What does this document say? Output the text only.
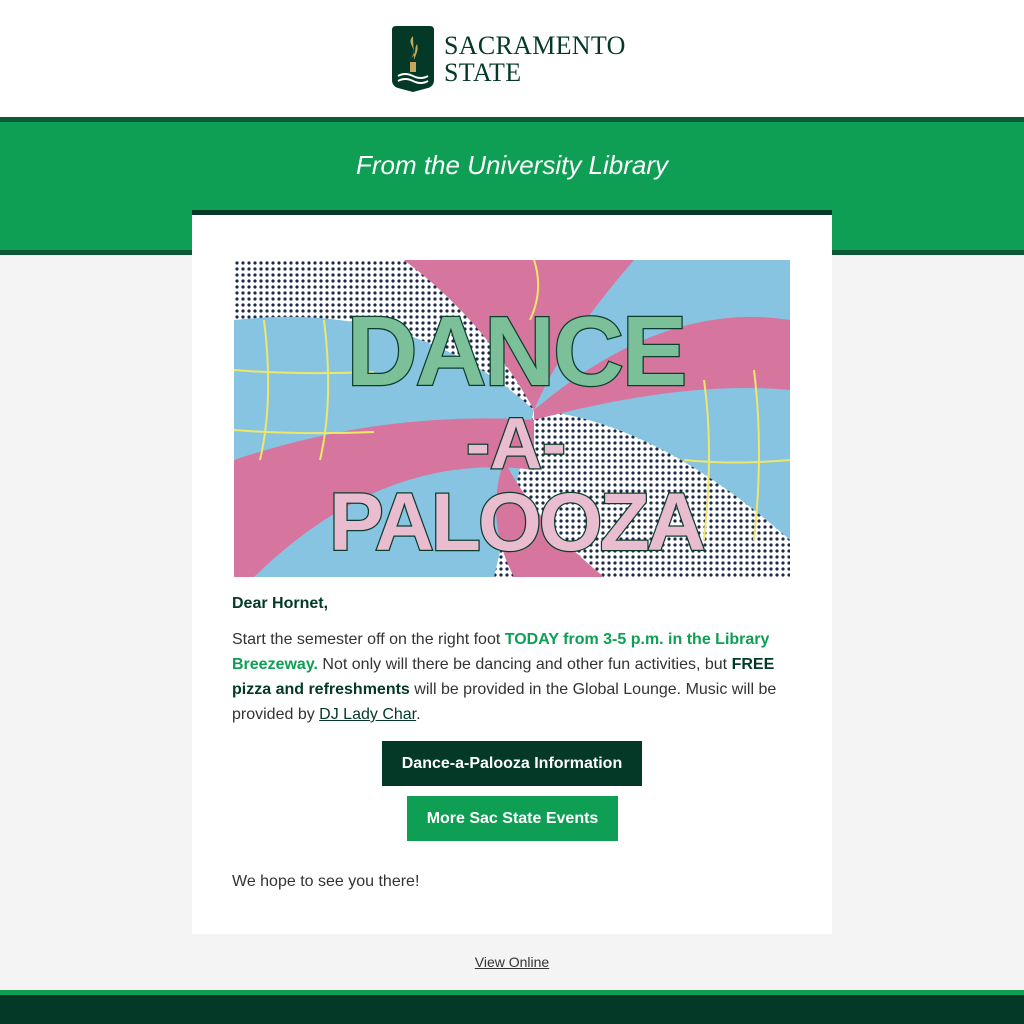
SACRAMENTO
STATE
From the University Library
DANCE
-A-
PALOOZA
Dear Hornet,
Start the semester off on the right foot TODAY from 3-5 p.m. in the Library Breezeway. Not only will there be dancing and other fun activities, but FREE pizza and refreshments will be provided in the Global Lounge. Music will be provided by DJ Lady Char.
Dance-a-Palooza Information
More Sac State Events
We hope to see you there!
View Online
